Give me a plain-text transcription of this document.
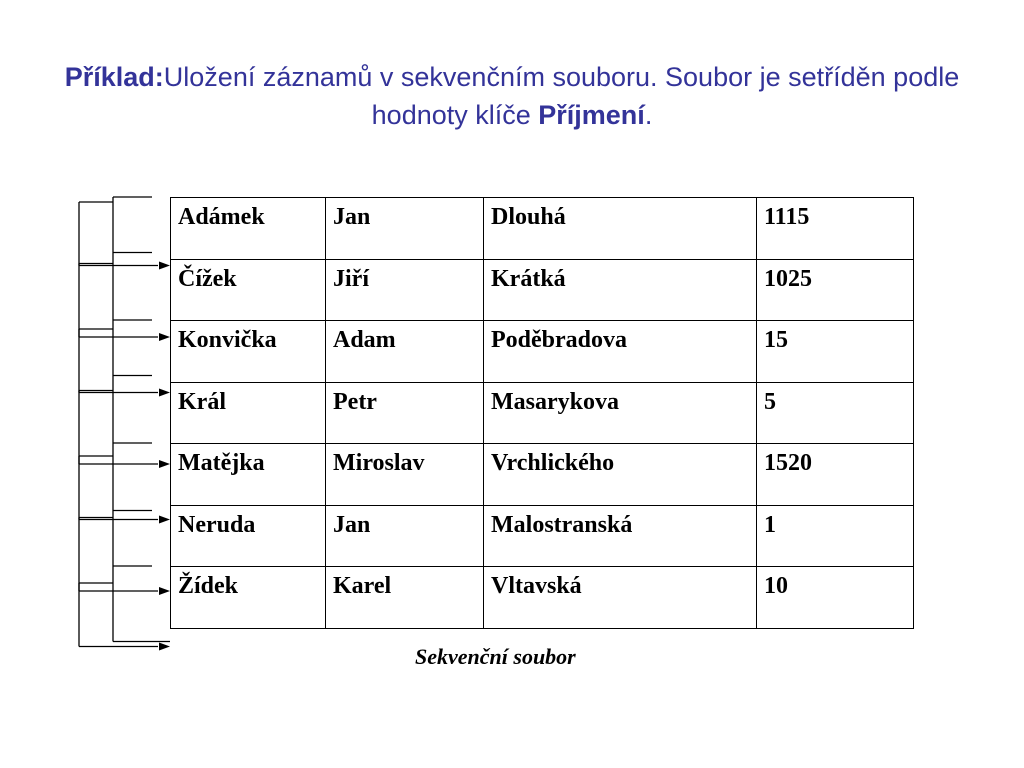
Příklad:Uložení záznamů v sekvenčním souboru. Soubor je setříděn podle hodnoty klíče Příjmení.
Adámek	Jan	Dlouhá	1115
Čížek	Jiří	Krátká	1025
Konvička	Adam	Poděbradova	15
Král	Petr	Masarykova	5
Matějka	Miroslav	Vrchlického	1520
Neruda	Jan	Malostranská	1
Žídek	Karel	Vltavská	10
Sekvenční soubor
